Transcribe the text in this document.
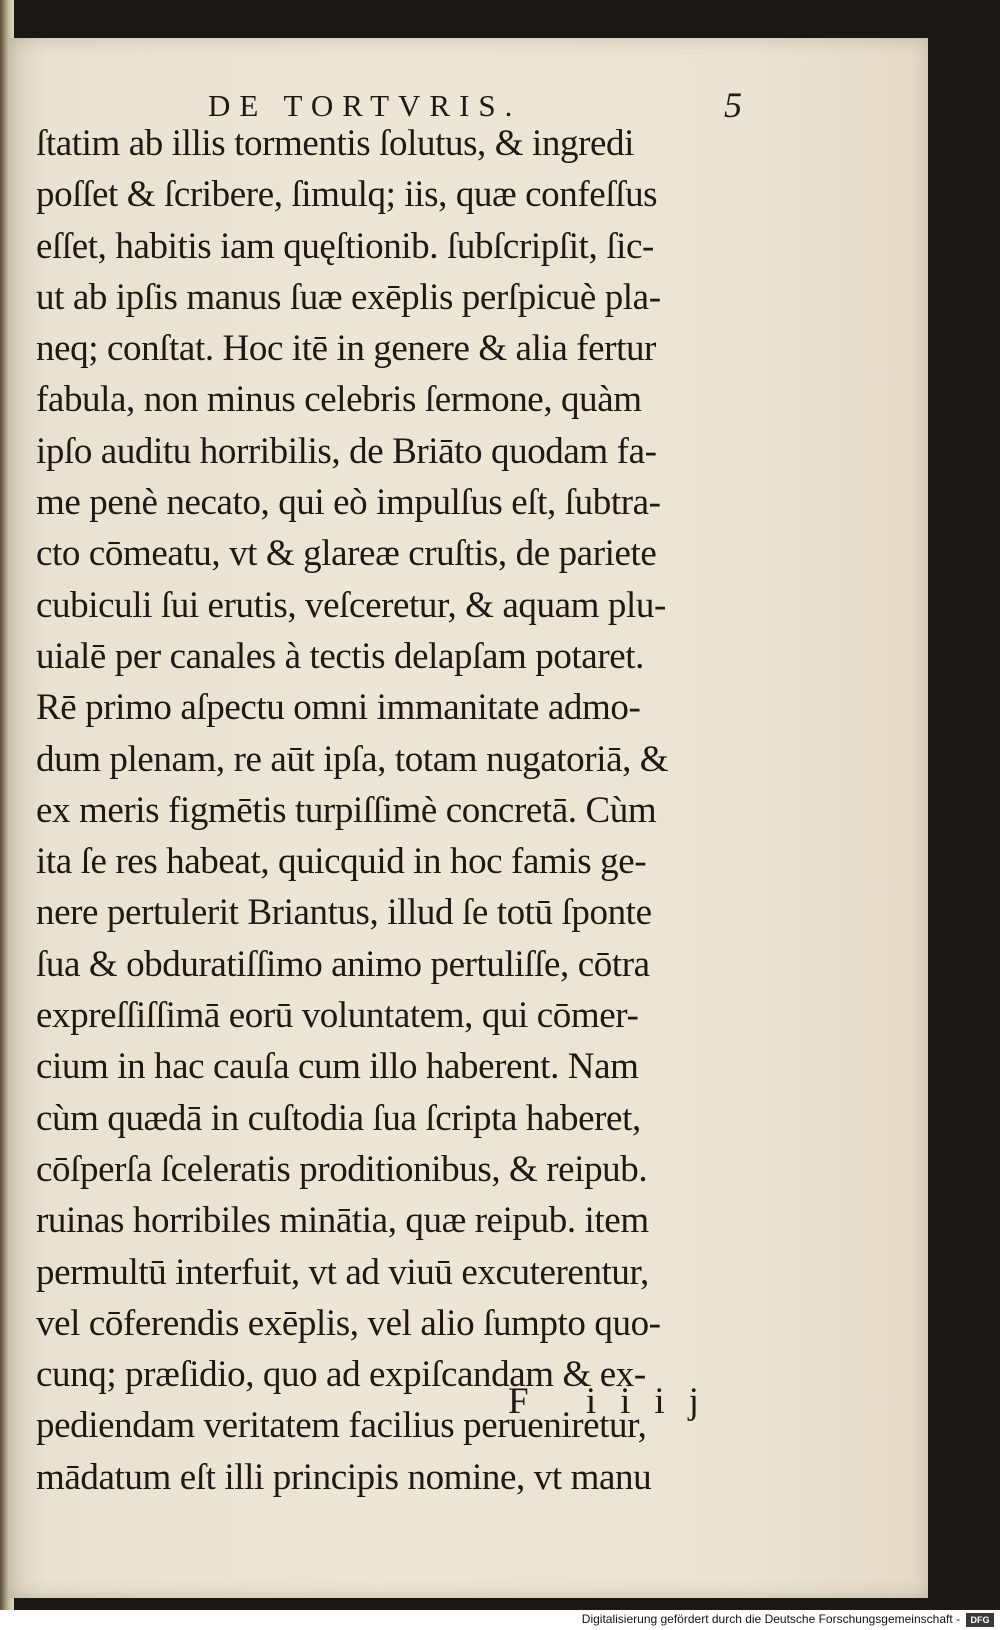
DE TORTVRIS.	5
ſtatim ab illis tormentis ſolutus, & ingredi
poſſet & ſcribere, ſimulq; iis, quæ confeſſus
eſſet, habitis iam quęſtionib. ſubſcripſit, ſic-
ut ab ipſis manus ſuæ exēplis perſpicuè pla-
neq; conſtat. Hoc itē in genere & alia fertur
fabula, non minus celebris ſermone, quàm
ipſo auditu horribilis, de Briāto quodam fa-
me penè necato, qui eò impulſus eſt, ſubtra-
cto cōmeatu, vt & glareæ cruſtis, de pariete
cubiculi ſui erutis, veſceretur, & aquam plu-
uialē per canales à tectis delapſam potaret.
Rē primo aſpectu omni immanitate admo-
dum plenam, re aūt ipſa, totam nugatoriā, &
ex meris figmētis turpiſſimè concretā. Cùm
ita ſe res habeat, quicquid in hoc famis ge-
nere pertulerit Briantus, illud ſe totū ſponte
ſua & obduratiſſimo animo pertuliſſe, cōtra
expreſſiſſimā eorū voluntatem, qui cōmer-
cium in hac cauſa cum illo haberent. Nam
cùm quædā in cuſtodia ſua ſcripta haberet,
cōſperſa ſceleratis proditionibus, & reipub.
ruinas horribiles minātia, quæ reipub. item
permultū interfuit, vt ad viuū excuterentur,
vel cōferendis exēplis, vel alio ſumpto quo-
cunq; præſidio, quo ad expiſcandam & ex-
pediendam veritatem facilius perueniretur,
mādatum eſt illi principis nomine, vt manu
F iiij
Digitalisierung gefördert durch die Deutsche Forschungsgemeinschaft -	DFG
